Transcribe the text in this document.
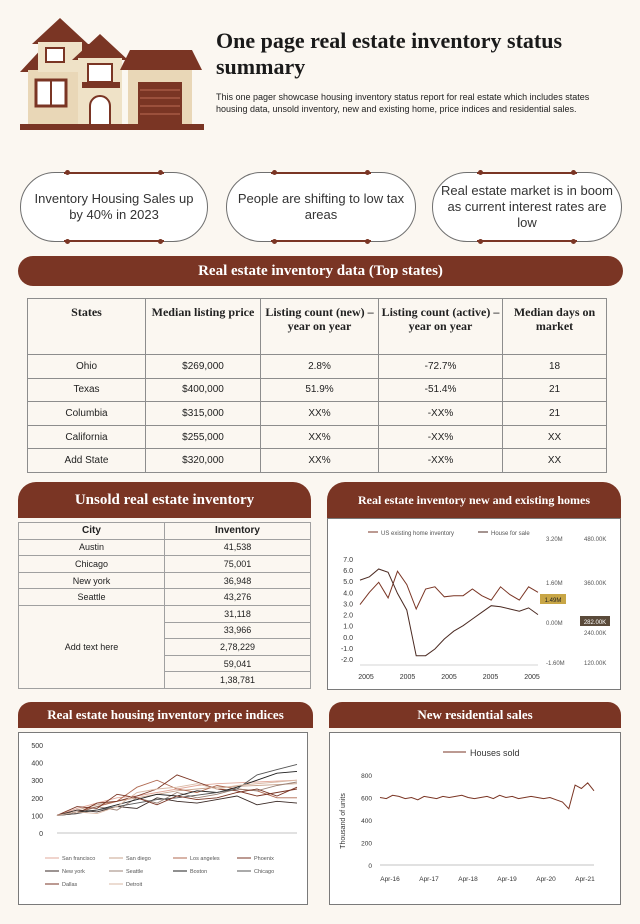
One page real estate inventory status summary
This one pager showcase housing inventory status report for real estate which includes states housing data, unsold inventory, new and existing home, price indices and residential sales.
Inventory Housing Sales up by 40% in 2023
People are shifting to low tax areas
Real estate market is in boom as current interest rates are low
Real estate inventory data (Top states)
States	Median listing price	Listing count (new) –year on year	Listing count (active) –year on year	Median days on market
Ohio	$269,000	2.8%	-72.7%	18
Texas	$400,000	51.9%	-51.4%	21
Columbia	$315,000	XX%	-XX%	21
California	$255,000	XX%	-XX%	XX
Add State	$320,000	XX%	-XX%	XX
Unsold real estate inventory
City	Inventory
Austin	41,538
Chicago	75,001
New york	36,948
Seattle	43,276
Add text here	31,118
	33,966
	2,78,229
	59,041
	1,38,781
Real estate inventory new and existing homes
US existing home inventory	House for sale
7.0
6.0
5.0
4.0
3.0
2.0
1.0
0.0
-1.0
-2.0
2005	2005	2005	2005	2005
3.20M
1.60M
0.00M
-1.60M
480.00K
360.00K
240.00K
120.00K
1.49M
282.00K
Real estate housing inventory price indices
500
400
300
200
100
0
San francisco	San diego	Los angeles	Phoenix
New york	Seattle	Boston	Chicago
Dallas	Detroit
New residential sales
Houses sold
800
600
400
200
0
Apr-16	Apr-17	Apr-18	Apr-19	Apr-20	Apr-21
Thousand of units
